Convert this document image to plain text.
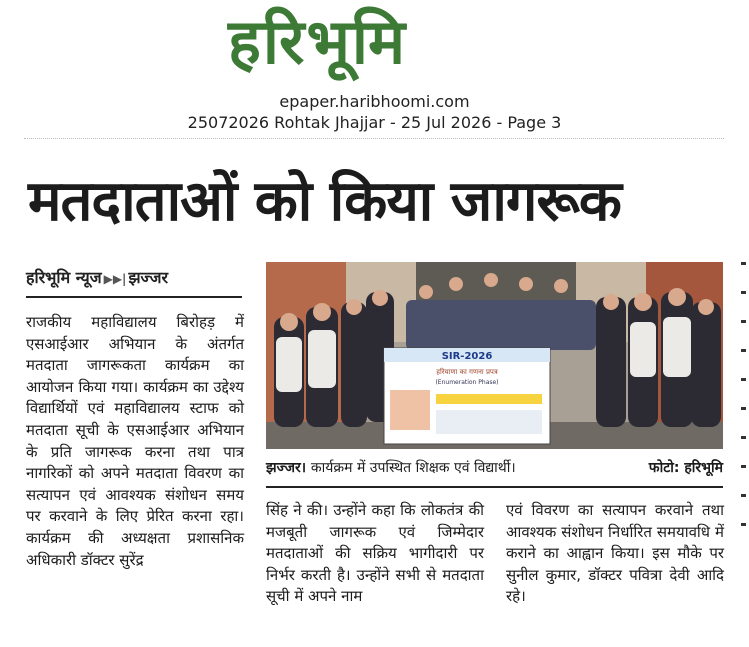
हरिभूमि
epaper.haribhoomi.com
25072026 Rohtak Jhajjar - 25 Jul 2026 - Page 3
मतदाताओं को किया जागरूक
हरिभूमि न्यूज ▶▶| झज्जर

राजकीय महाविद्यालय बिरोहड़ में एसआईआर अभियान के अंतर्गत मतदाता जागरूकता कार्यक्रम का आयोजन किया गया। कार्यक्रम का उद्देश्य विद्यार्थियों एवं महाविद्यालय स्टाफ को मतदाता सूची के एसआईआर अभियान के प्रति जागरूक करना तथा पात्र नागरिकों को अपने मतदाता विवरण का सत्यापन एवं आवश्यक संशोधन समय पर करवाने के लिए प्रेरित करना रहा। कार्यक्रम की अध्यक्षता प्रशासनिक अधिकारी डॉक्टर सुरेंद्र

SIR-2026
हरियाणा का गणना प्रपत्र
(Enumeration Phase)
झज्जर। कार्यक्रम में उपस्थित शिक्षक एवं विद्यार्थी।	फोटो: हरिभूमि

सिंह ने की। उन्होंने कहा कि लोकतंत्र की मजबूती जागरूक एवं जिम्मेदार मतदाताओं की सक्रिय भागीदारी पर निर्भर करती है। उन्होंने सभी से मतदाता सूची में अपने नाम

एवं विवरण का सत्यापन करवाने तथा आवश्यक संशोधन निर्धारित समयावधि में कराने का आह्वान किया। इस मौके पर सुनील कुमार, डॉक्टर पवित्रा देवी आदि रहे।
